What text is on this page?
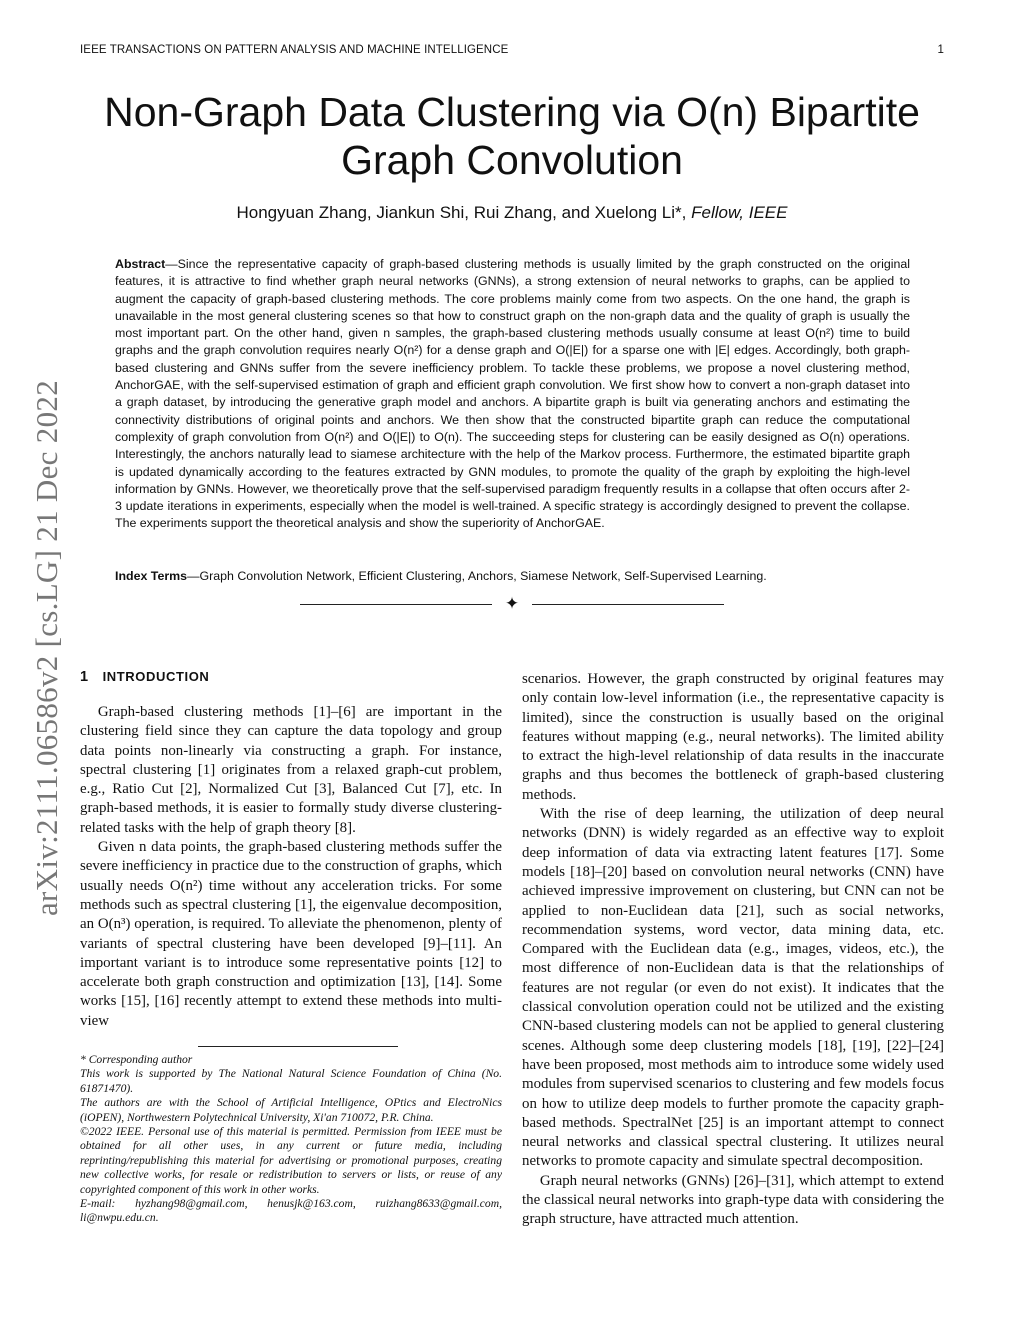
IEEE TRANSACTIONS ON PATTERN ANALYSIS AND MACHINE INTELLIGENCE	1
arXiv:2111.06586v2 [cs.LG] 21 Dec 2022
Non-Graph Data Clustering via O(n) Bipartite Graph Convolution
Hongyuan Zhang, Jiankun Shi, Rui Zhang, and Xuelong Li*, Fellow, IEEE
Abstract—Since the representative capacity of graph-based clustering methods is usually limited by the graph constructed on the original features, it is attractive to find whether graph neural networks (GNNs), a strong extension of neural networks to graphs, can be applied to augment the capacity of graph-based clustering methods. The core problems mainly come from two aspects. On the one hand, the graph is unavailable in the most general clustering scenes so that how to construct graph on the non-graph data and the quality of graph is usually the most important part. On the other hand, given n samples, the graph-based clustering methods usually consume at least O(n²) time to build graphs and the graph convolution requires nearly O(n²) for a dense graph and O(|E|) for a sparse one with |E| edges. Accordingly, both graph-based clustering and GNNs suffer from the severe inefficiency problem. To tackle these problems, we propose a novel clustering method, AnchorGAE, with the self-supervised estimation of graph and efficient graph convolution. We first show how to convert a non-graph dataset into a graph dataset, by introducing the generative graph model and anchors. A bipartite graph is built via generating anchors and estimating the connectivity distributions of original points and anchors. We then show that the constructed bipartite graph can reduce the computational complexity of graph convolution from O(n²) and O(|E|) to O(n). The succeeding steps for clustering can be easily designed as O(n) operations. Interestingly, the anchors naturally lead to siamese architecture with the help of the Markov process. Furthermore, the estimated bipartite graph is updated dynamically according to the features extracted by GNN modules, to promote the quality of the graph by exploiting the high-level information by GNNs. However, we theoretically prove that the self-supervised paradigm frequently results in a collapse that often occurs after 2-3 update iterations in experiments, especially when the model is well-trained. A specific strategy is accordingly designed to prevent the collapse. The experiments support the theoretical analysis and show the superiority of AnchorGAE.
Index Terms—Graph Convolution Network, Efficient Clustering, Anchors, Siamese Network, Self-Supervised Learning.
✦
1 INTRODUCTION

Graph-based clustering methods [1]–[6] are important in the clustering field since they can capture the data topology and group data points non-linearly via constructing a graph. For instance, spectral clustering [1] originates from a relaxed graph-cut problem, e.g., Ratio Cut [2], Normalized Cut [3], Balanced Cut [7], etc. In graph-based methods, it is easier to formally study diverse clustering-related tasks with the help of graph theory [8].

Given n data points, the graph-based clustering methods suffer the severe inefficiency in practice due to the construction of graphs, which usually needs O(n²) time without any acceleration tricks. For some methods such as spectral clustering [1], the eigenvalue decomposition, an O(n³) operation, is required. To alleviate the phenomenon, plenty of variants of spectral clustering have been developed [9]–[11]. An important variant is to introduce some representative points [12] to accelerate both graph construction and optimization [13], [14]. Some works [15], [16] recently attempt to extend these methods into multi-view

* Corresponding author
This work is supported by The National Natural Science Foundation of China (No. 61871470).
The authors are with the School of Artificial Intelligence, OPtics and ElectroNics (iOPEN), Northwestern Polytechnical University, Xi'an 710072, P.R. China.
©2022 IEEE. Personal use of this material is permitted. Permission from IEEE must be obtained for all other uses, in any current or future media, including reprinting/republishing this material for advertising or promotional purposes, creating new collective works, for resale or redistribution to servers or lists, or reuse of any copyrighted component of this work in other works.
E-mail: hyzhang98@gmail.com, henusjk@163.com, ruizhang8633@gmail.com, li@nwpu.edu.cn.
scenarios. However, the graph constructed by original features may only contain low-level information (i.e., the representative capacity is limited), since the construction is usually based on the original features without mapping (e.g., neural networks). The limited ability to extract the high-level relationship of data results in the inaccurate graphs and thus becomes the bottleneck of graph-based clustering methods.

With the rise of deep learning, the utilization of deep neural networks (DNN) is widely regarded as an effective way to exploit deep information of data via extracting latent features [17]. Some models [18]–[20] based on convolution neural networks (CNN) have achieved impressive improvement on clustering, but CNN can not be applied to non-Euclidean data [21], such as social networks, recommendation systems, word vector, data mining data, etc. Compared with the Euclidean data (e.g., images, videos, etc.), the most difference of non-Euclidean data is that the relationships of features are not regular (or even do not exist). It indicates that the classical convolution operation could not be utilized and the existing CNN-based clustering models can not be applied to general clustering scenes. Although some deep clustering models [18], [19], [22]–[24] have been proposed, most methods aim to introduce some widely used modules from supervised scenarios to clustering and few models focus on how to utilize deep models to further promote the capacity graph-based methods. SpectralNet [25] is an important attempt to connect neural networks and classical spectral clustering. It utilizes neural networks to promote capacity and simulate spectral decomposition.

Graph neural networks (GNNs) [26]–[31], which attempt to extend the classical neural networks into graph-type data with considering the graph structure, have attracted much attention.
